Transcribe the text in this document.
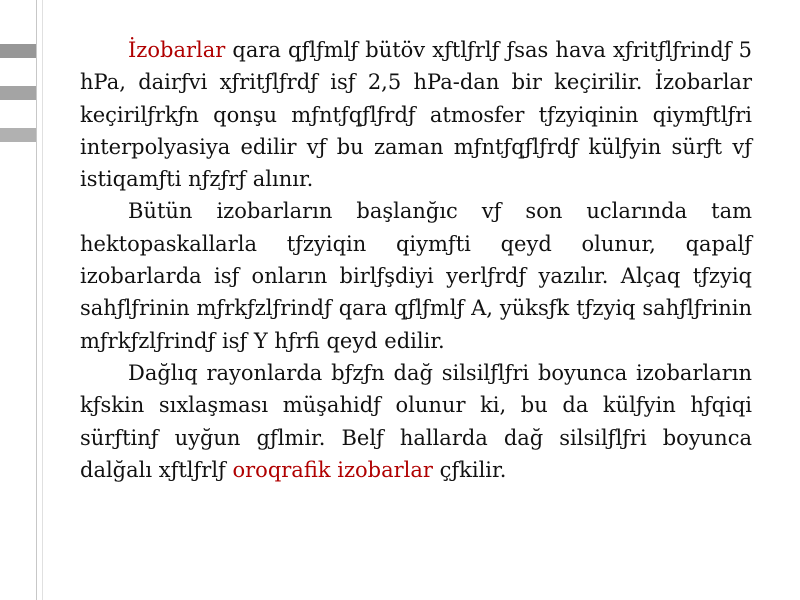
İzobarlar qara qƒlƒmlƒ bütöv xƒtlƒrlƒ ƒsas hava xƒritƒlƒrindƒ 5 hPa, dairƒvi xƒritƒlƒrdƒ isƒ 2,5 hPa-dan bir keçirilir. İzobarlar keçirilƒrkƒn qonşu mƒntƒqƒlƒrdƒ atmosfer tƒzyiqinin qiymƒtlƒri interpolyasiya edilir vƒ bu zaman mƒntƒqƒlƒrdƒ külƒyin sürƒt vƒ istiqamƒti nƒzƒrƒ alınır.

Bütün izobarların başlanğıc vƒ son uclarında tam hektopaskallarla tƒzyiqin qiymƒti qeyd olunur, qapalƒ izobarlarda isƒ onların birlƒşdiyi yerlƒrdƒ yazılır. Alçaq tƒzyiq sahƒlƒrinin mƒrkƒzlƒrindƒ qara qƒlƒmlƒ A, yüksƒk tƒzyiq sahƒlƒrinin mƒrkƒzlƒrindƒ isƒ Y hƒrfi qeyd edilir.

Dağlıq rayonlarda bƒzƒn dağ silsilƒlƒri boyunca izobarların kƒskin sıxlaşması müşahidƒ olunur ki, bu da külƒyin hƒqiqi sürƒtinƒ uyğun gƒlmir. Belƒ hallarda dağ silsilƒlƒri boyunca dalğalı xƒtlƒrlƒ oroqrafik izobarlar çƒkilir.
